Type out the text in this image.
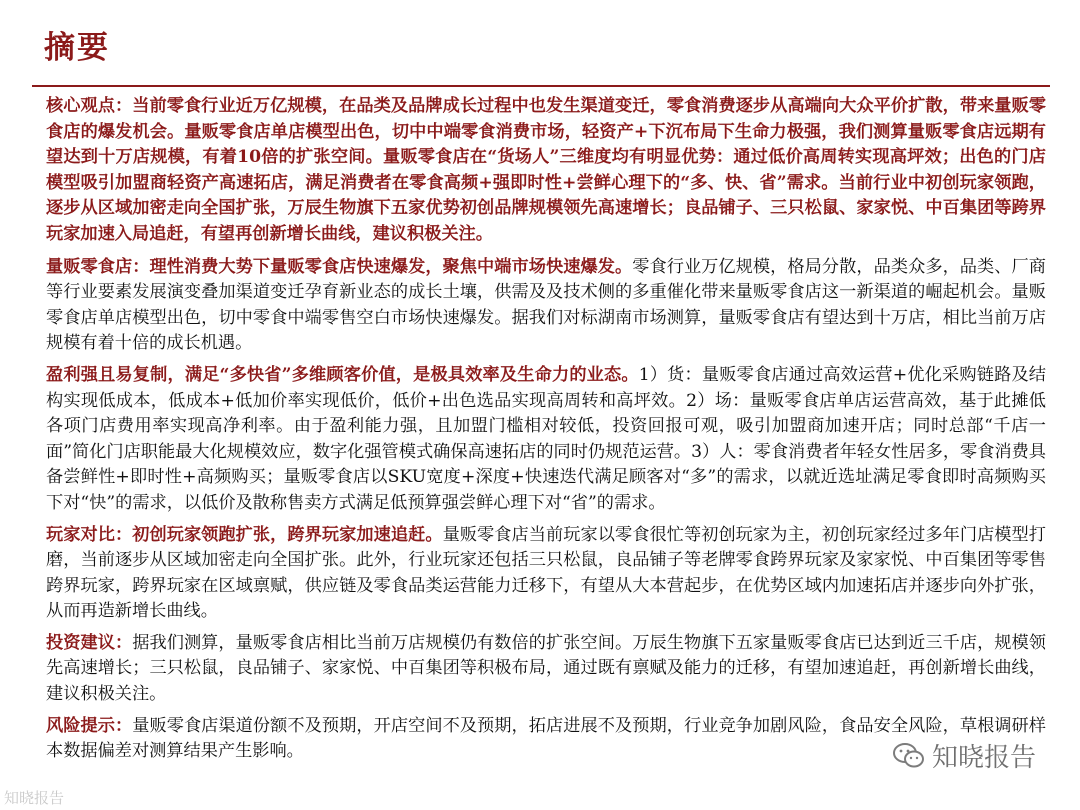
摘要

核心观点：当前零食行业近万亿规模，在品类及品牌成长过程中也发生渠道变迁，零食消费逐步从高端向大众平价扩散，带来量贩零食店的爆发机会。量贩零食店单店模型出色，切中中端零食消费市场，轻资产+下沉布局下生命力极强，我们测算量贩零食店远期有望达到十万店规模，有着10倍的扩张空间。量贩零食店在“货场人”三维度均有明显优势：通过低价高周转实现高坪效；出色的门店模型吸引加盟商轻资产高速拓店，满足消费者在零食高频+强即时性+尝鲜心理下的“多、快、省”需求。当前行业中初创玩家领跑，逐步从区域加密走向全国扩张，万辰生物旗下五家优势初创品牌规模领先高速增长；良品铺子、三只松鼠、家家悦、中百集团等跨界玩家加速入局追赶，有望再创新增长曲线，建议积极关注。

量贩零食店：理性消费大势下量贩零食店快速爆发，聚焦中端市场快速爆发。零食行业万亿规模，格局分散，品类众多，品类、厂商等行业要素发展演变叠加渠道变迁孕育新业态的成长土壤，供需及及技术侧的多重催化带来量贩零食店这一新渠道的崛起机会。量贩零食店单店模型出色，切中零食中端零售空白市场快速爆发。据我们对标湖南市场测算，量贩零食店有望达到十万店，相比当前万店规模有着十倍的成长机遇。

盈利强且易复制，满足“多快省”多维顾客价值，是极具效率及生命力的业态。1）货：量贩零食店通过高效运营+优化采购链路及结构实现低成本，低成本+低加价率实现低价，低价+出色选品实现高周转和高坪效。2）场：量贩零食店单店运营高效，基于此摊低各项门店费用率实现高净利率。由于盈利能力强，且加盟门槛相对较低，投资回报可观，吸引加盟商加速开店；同时总部“千店一面”简化门店职能最大化规模效应，数字化强管模式确保高速拓店的同时仍规范运营。3）人：零食消费者年轻女性居多，零食消费具备尝鲜性+即时性+高频购买；量贩零食店以SKU宽度+深度+快速迭代满足顾客对“多”的需求，以就近选址满足零食即时高频购买下对“快”的需求，以低价及散称售卖方式满足低预算强尝鲜心理下对“省”的需求。

玩家对比：初创玩家领跑扩张，跨界玩家加速追赶。量贩零食店当前玩家以零食很忙等初创玩家为主，初创玩家经过多年门店模型打磨，当前逐步从区域加密走向全国扩张。此外，行业玩家还包括三只松鼠，良品铺子等老牌零食跨界玩家及家家悦、中百集团等零售跨界玩家，跨界玩家在区域禀赋，供应链及零食品类运营能力迁移下，有望从大本营起步，在优势区域内加速拓店并逐步向外扩张，从而再造新增长曲线。

投资建议：据我们测算，量贩零食店相比当前万店规模仍有数倍的扩张空间。万辰生物旗下五家量贩零食店已达到近三千店，规模领先高速增长；三只松鼠，良品铺子、家家悦、中百集团等积极布局，通过既有禀赋及能力的迁移，有望加速追赶，再创新增长曲线，建议积极关注。

风险提示：量贩零食店渠道份额不及预期，开店空间不及预期，拓店进展不及预期，行业竞争加剧风险，食品安全风险，草根调研样本数据偏差对测算结果产生影响。	知晓报告
知晓报告
